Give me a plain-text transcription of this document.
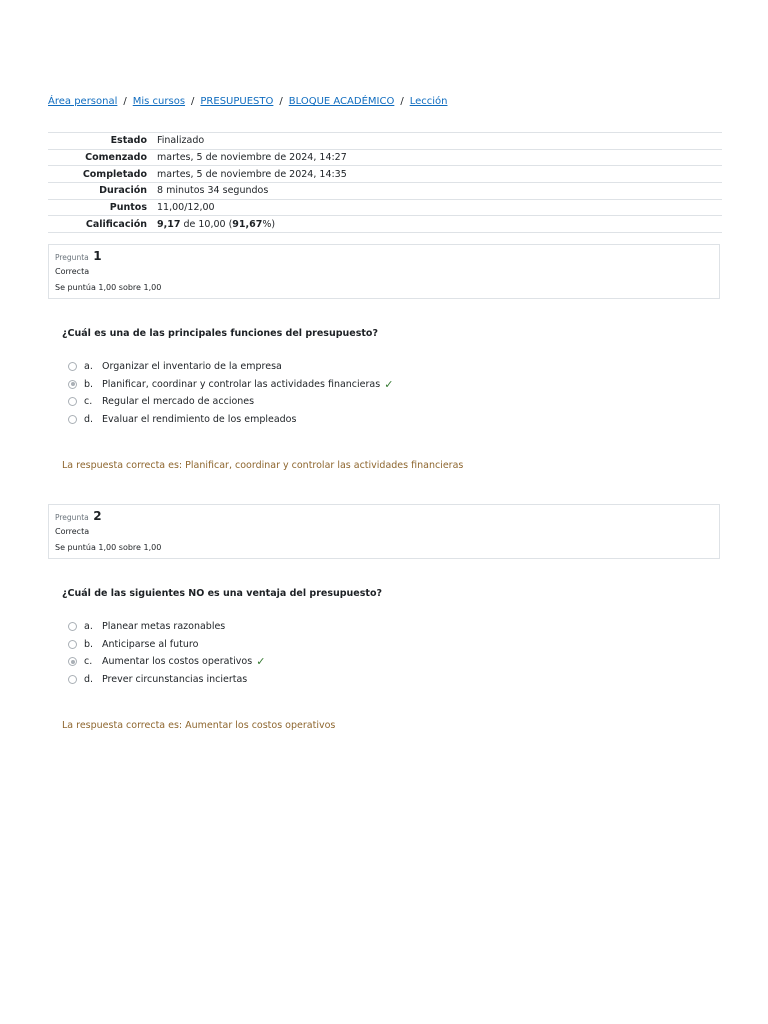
Área personal / Mis cursos / PRESUPUESTO / BLOQUE ACADÉMICO / Lección
Estado	Finalizado
Comenzado	martes, 5 de noviembre de 2024, 14:27
Completado	martes, 5 de noviembre de 2024, 14:35
Duración	8 minutos 34 segundos
Puntos	11,00/12,00
Calificación	9,17 de 10,00 (91,67%)
Pregunta 1
Correcta
Se puntúa 1,00 sobre 1,00
¿Cuál es una de las principales funciones del presupuesto?
a. Organizar el inventario de la empresa
b. Planificar, coordinar y controlar las actividades financieras ✓
c.	Regular el mercado de acciones
d. Evaluar el rendimiento de los empleados
La respuesta correcta es: Planificar, coordinar y controlar las actividades financieras
Pregunta 2
Correcta
Se puntúa 1,00 sobre 1,00
¿Cuál de las siguientes NO es una ventaja del presupuesto?
a. Planear metas razonables
b. Anticiparse al futuro
c.	Aumentar los costos operativos ✓
d. Prever circunstancias inciertas
La respuesta correcta es: Aumentar los costos operativos
